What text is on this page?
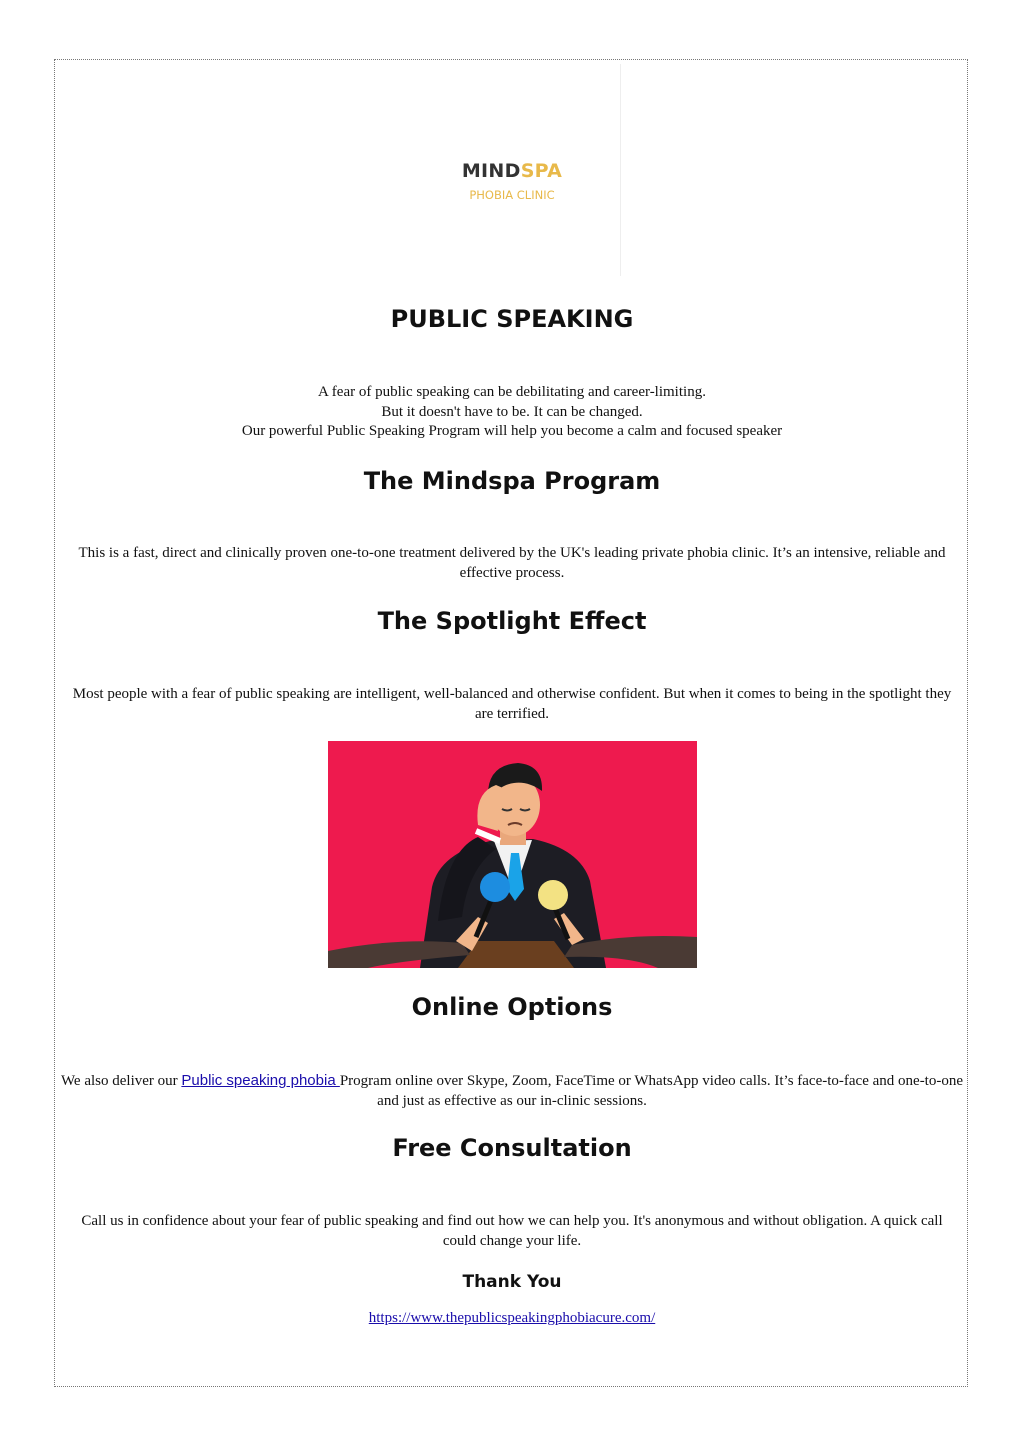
MINDSPA
PHOBIA CLINIC
PUBLIC SPEAKING

A fear of public speaking can be debilitating and career-limiting.
But it doesn't have to be. It can be changed.
Our powerful Public Speaking Program will help you become a calm and focused speaker

The Mindspa Program

This is a fast, direct and clinically proven one-to-one treatment delivered by the UK's leading private phobia clinic. It’s an intensive, reliable and effective process.

The Spotlight Effect

Most people with a fear of public speaking are intelligent, well-balanced and otherwise confident. But when it comes to being in the spotlight they are terrified.

Online Options

We also deliver our Public speaking phobia Program online over Skype, Zoom, FaceTime or WhatsApp video calls. It’s face-to-face and one-to-one and just as effective as our in-clinic sessions.

Free Consultation

Call us in confidence about your fear of public speaking and find out how we can help you. It's anonymous and without obligation. A quick call could change your life.

Thank You
https://www.thepublicspeakingphobiacure.com/
